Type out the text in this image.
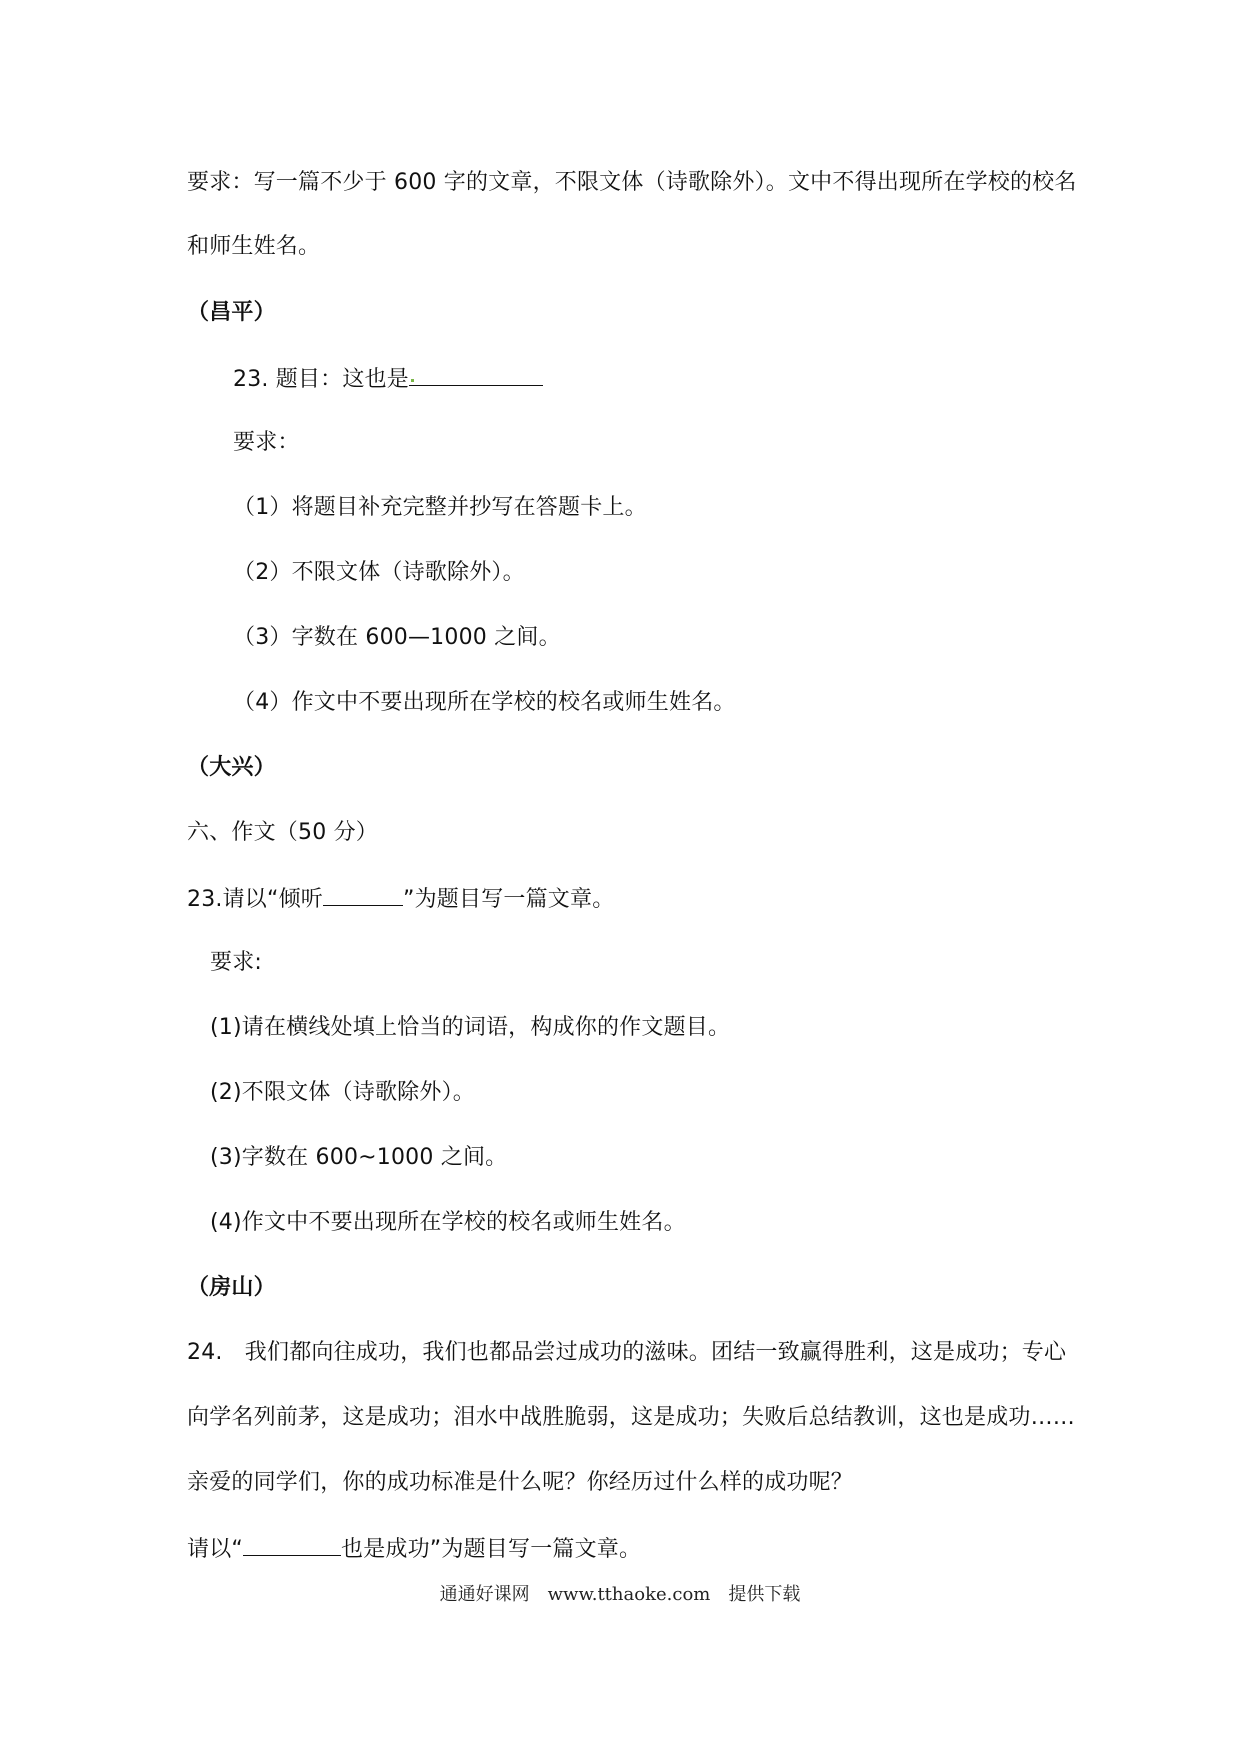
要求：写一篇不少于 600 字的文章，不限文体（诗歌除外）。文中不得出现所在学校的校名
和师生姓名。
（昌平）
23. 题目：这也是
要求：
（1）将题目补充完整并抄写在答题卡上。
（2）不限文体（诗歌除外）。
（3）字数在 600—1000 之间。
（4）作文中不要出现所在学校的校名或师生姓名。
（大兴）
六、作文（50 分）
23.请以“倾听	”为题目写一篇文章。
要求:
(1)请在横线处填上恰当的词语，构成你的作文题目。
(2)不限文体（诗歌除外）。
(3)字数在 600~1000 之间。
(4)作文中不要出现所在学校的校名或师生姓名。
（房山）
24.　我们都向往成功，我们也都品尝过成功的滋味。团结一致赢得胜利，这是成功；专心
向学名列前茅，这是成功；泪水中战胜脆弱，这是成功；失败后总结教训，这也是成功……
亲爱的同学们，你的成功标准是什么呢？你经历过什么样的成功呢？
请以“	也是成功”为题目写一篇文章。
通通好课网　www.tthaoke.com　提供下载
